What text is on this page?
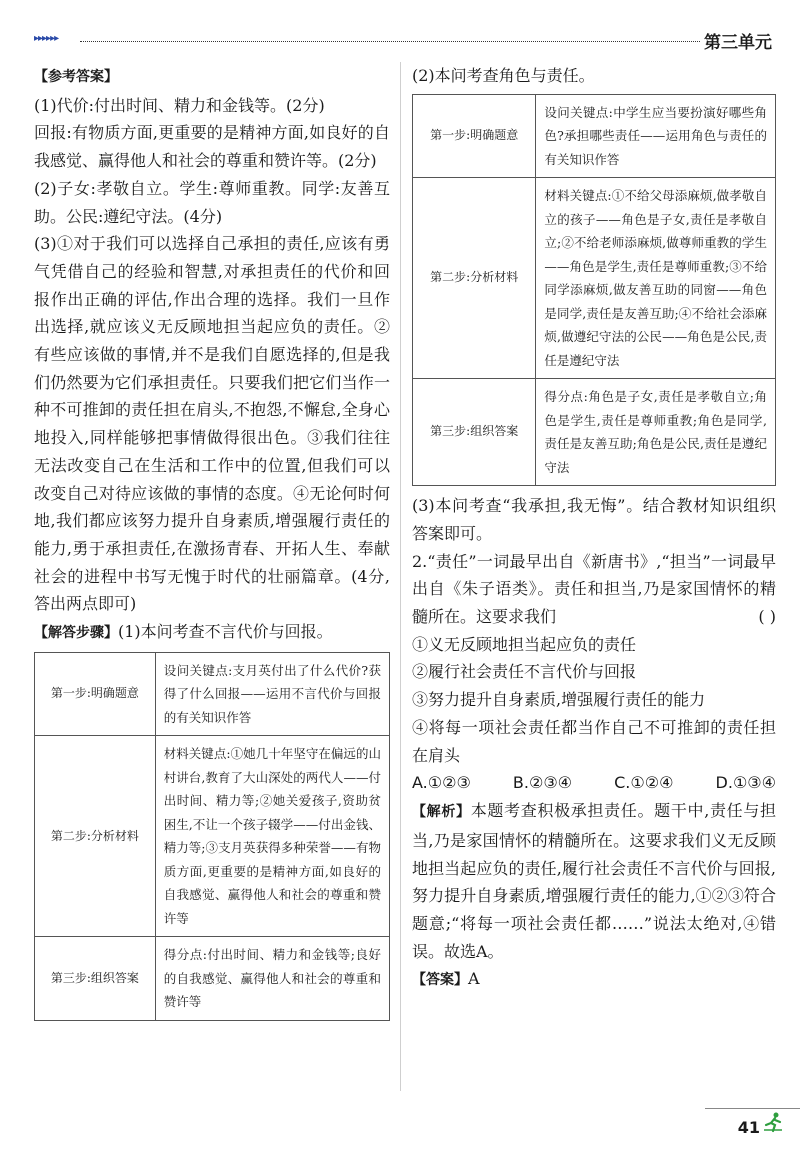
▸▸▸▸▸▸	第三单元

【参考答案】

(1)代价:付出时间、精力和金钱等。(2分)

回报:有物质方面,更重要的是精神方面,如良好的自我感觉、赢得他人和社会的尊重和赞许等。(2分)

(2)子女:孝敬自立。学生:尊师重教。同学:友善互助。公民:遵纪守法。(4分)

(3)①对于我们可以选择自己承担的责任,应该有勇气凭借自己的经验和智慧,对承担责任的代价和回报作出正确的评估,作出合理的选择。我们一旦作出选择,就应该义无反顾地担当起应负的责任。②有些应该做的事情,并不是我们自愿选择的,但是我们仍然要为它们承担责任。只要我们把它们当作一种不可推卸的责任担在肩头,不抱怨,不懈怠,全身心地投入,同样能够把事情做得很出色。③我们往往无法改变自己在生活和工作中的位置,但我们可以改变自己对待应该做的事情的态度。④无论何时何地,我们都应该努力提升自身素质,增强履行责任的能力,勇于承担责任,在激扬青春、开拓人生、奉献社会的进程中书写无愧于时代的壮丽篇章。(4分,答出两点即可)

【解答步骤】(1)本问考查不言代价与回报。

第一步:明确题意	设问关键点:支月英付出了什么代价?获得了什么回报——运用不言代价与回报的有关知识作答
第二步:分析材料	材料关键点:①她几十年坚守在偏远的山村讲台,教育了大山深处的两代人——付出时间、精力等;②她关爱孩子,资助贫困生,不让一个孩子辍学——付出金钱、精力等;③支月英获得多种荣誉——有物质方面,更重要的是精神方面,如良好的自我感觉、赢得他人和社会的尊重和赞许等
第三步:组织答案	得分点:付出时间、精力和金钱等;良好的自我感觉、赢得他人和社会的尊重和赞许等

(2)本问考查角色与责任。

第一步:明确题意	设问关键点:中学生应当要扮演好哪些角色?承担哪些责任——运用角色与责任的有关知识作答
第二步:分析材料	材料关键点:①不给父母添麻烦,做孝敬自立的孩子——角色是子女,责任是孝敬自立;②不给老师添麻烦,做尊师重教的学生——角色是学生,责任是尊师重教;③不给同学添麻烦,做友善互助的同窗——角色是同学,责任是友善互助;④不给社会添麻烦,做遵纪守法的公民——角色是公民,责任是遵纪守法
第三步:组织答案	得分点:角色是子女,责任是孝敬自立;角色是学生,责任是尊师重教;角色是同学,责任是友善互助;角色是公民,责任是遵纪守法

(3)本问考查“我承担,我无悔”。结合教材知识组织答案即可。

2.“责任”一词最早出自《新唐书》,“担当”一词最早出自《朱子语类》。责任和担当,乃是家国情怀的精髓所在。这要求我们	( )

①义无反顾地担当起应负的责任

②履行社会责任不言代价与回报

③努力提升自身素质,增强履行责任的能力

④将每一项社会责任都当作自己不可推卸的责任担在肩头

A.①②③	B.②③④	C.①②④	D.①③④

【解析】本题考查积极承担责任。题干中,责任与担当,乃是家国情怀的精髓所在。这要求我们义无反顾地担当起应负的责任,履行社会责任不言代价与回报,努力提升自身素质,增强履行责任的能力,①②③符合题意;“将每一项社会责任都……”说法太绝对,④错误。故选A。

【答案】A

41
